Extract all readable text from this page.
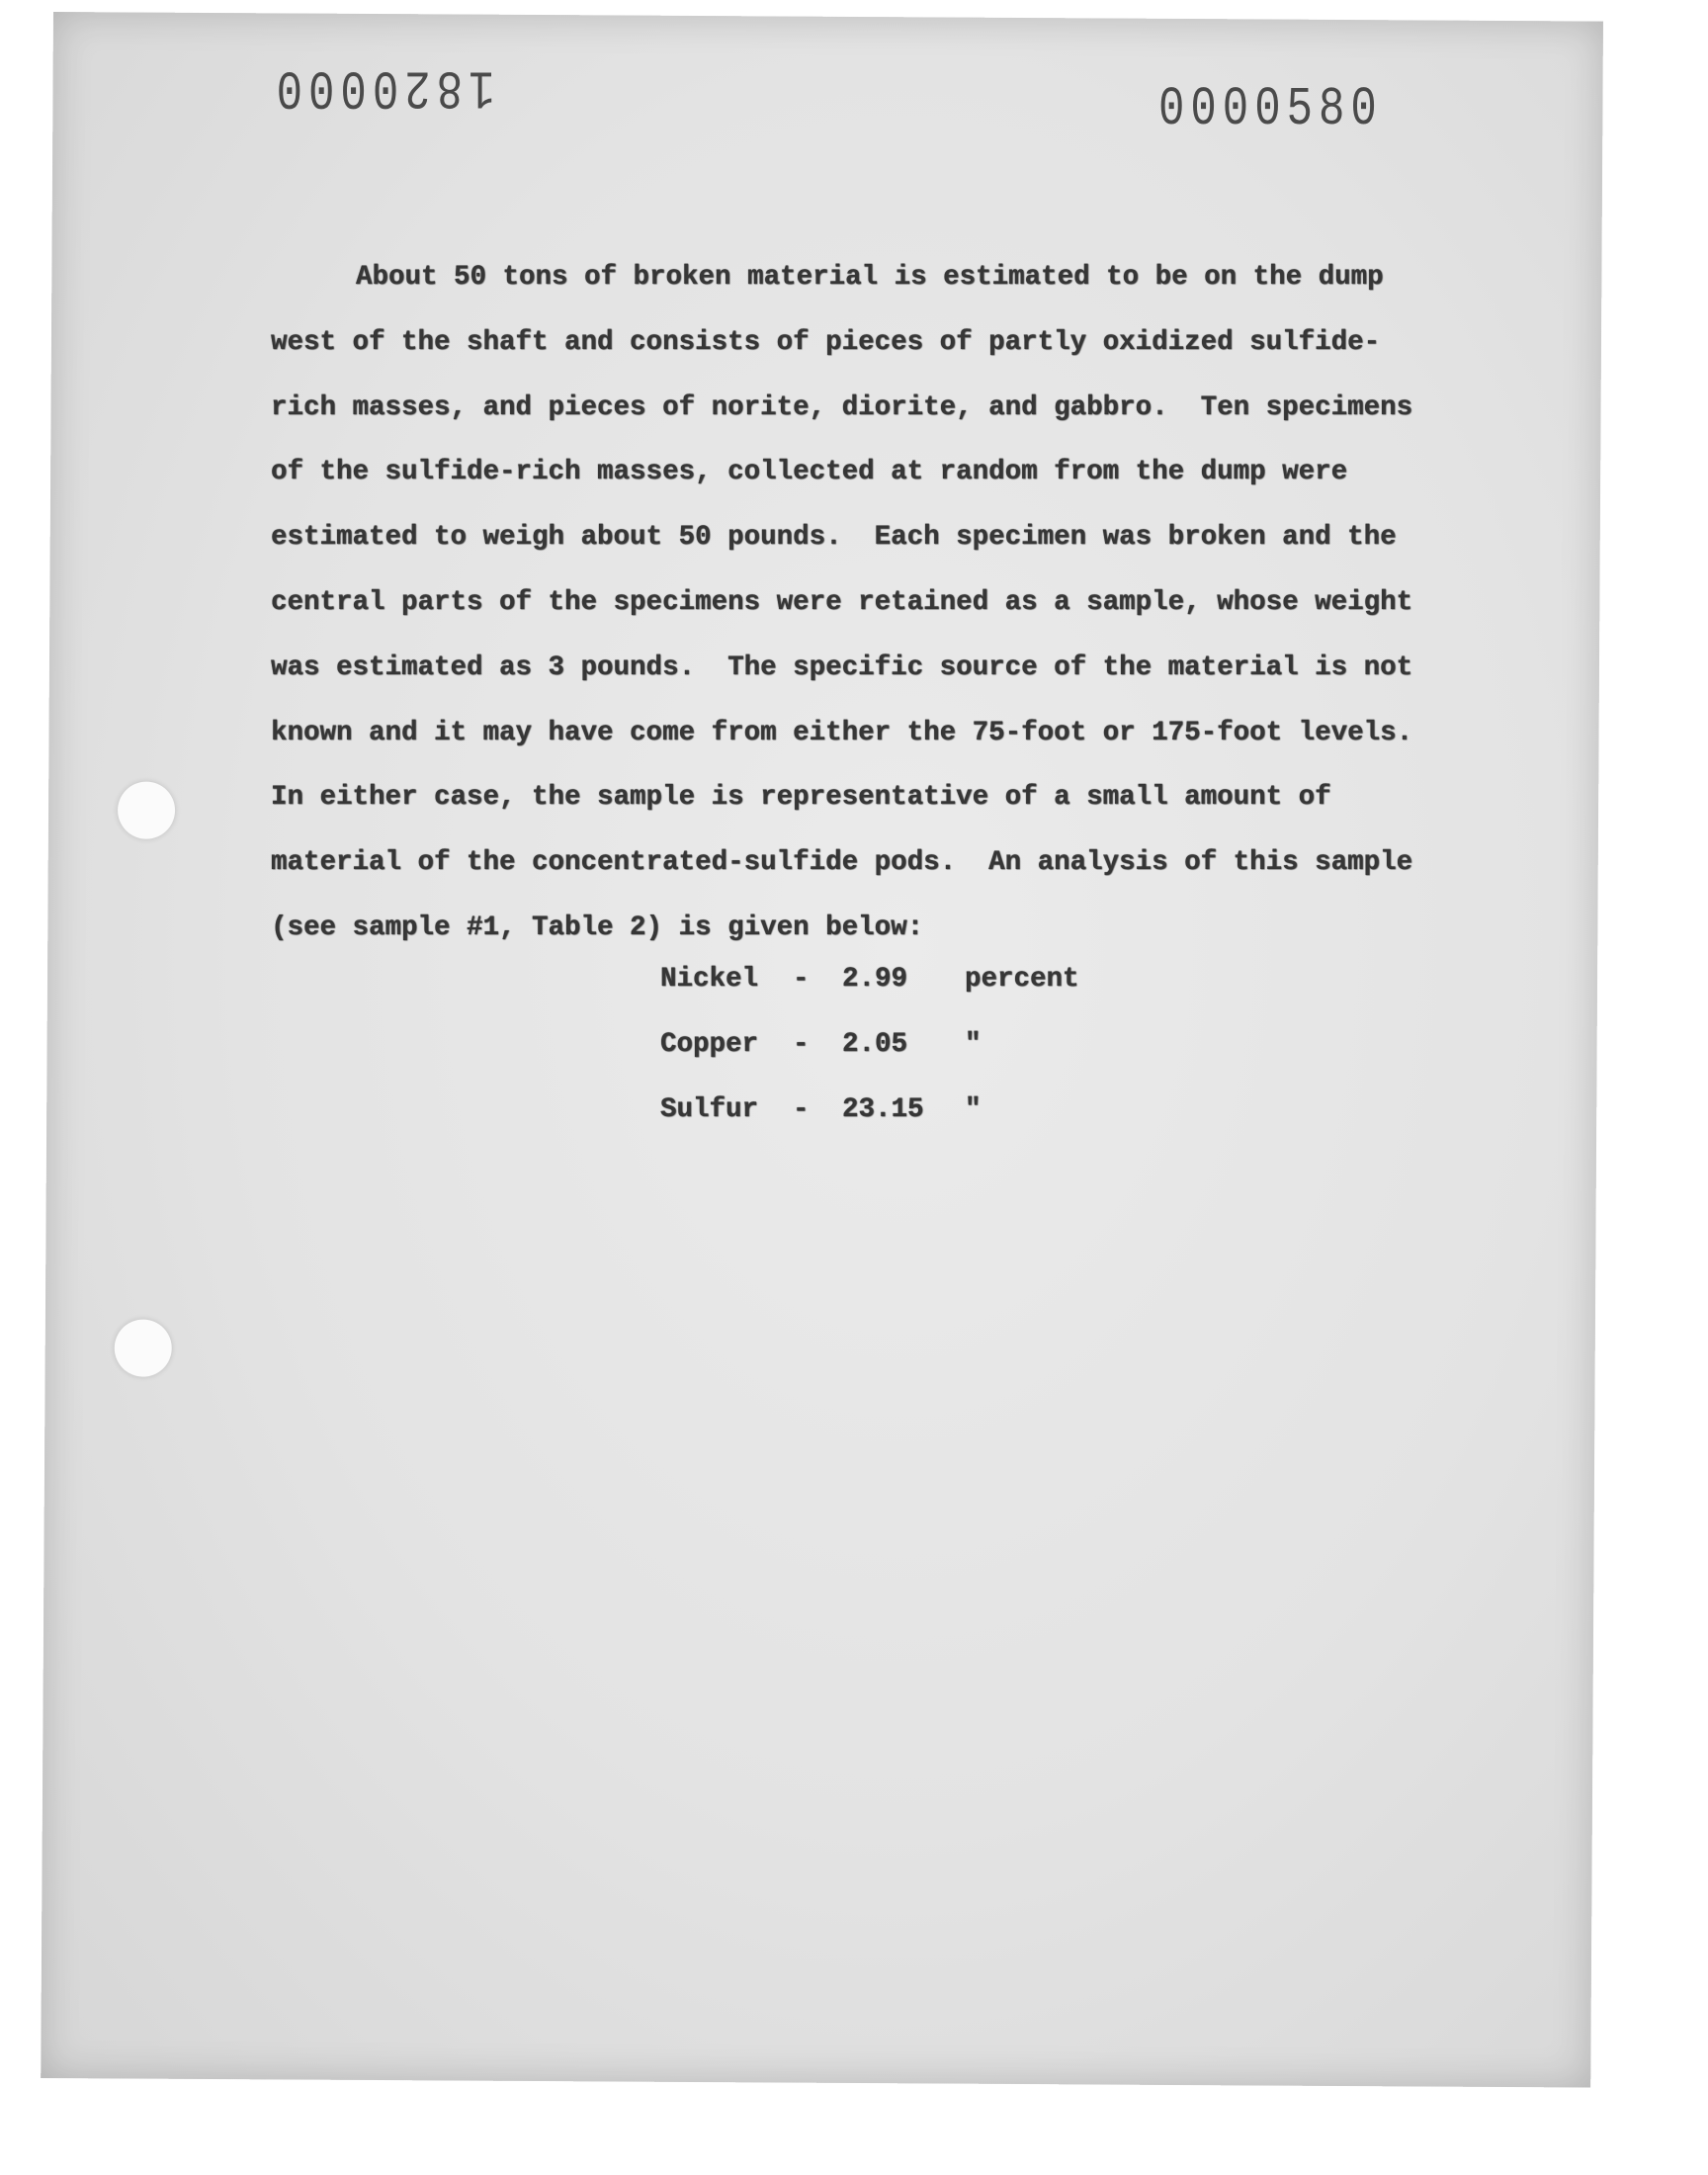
1820000	0000580
About 50 tons of broken material is estimated to be on the dump
west of the shaft and consists of pieces of partly oxidized sulfide-
rich masses, and pieces of norite, diorite, and gabbro.  Ten specimens
of the sulfide-rich masses, collected at random from the dump were
estimated to weigh about 50 pounds.  Each specimen was broken and the
central parts of the specimens were retained as a sample, whose weight
was estimated as 3 pounds.  The specific source of the material is not
known and it may have come from either the 75-foot or 175-foot levels.
In either case, the sample is representative of a small amount of
material of the concentrated-sulfide pods.  An analysis of this sample
(see sample #1, Table 2) is given below:
Nickel	-	2.99	percent
Copper	-	2.05	"
Sulfur	-	23.15	"
